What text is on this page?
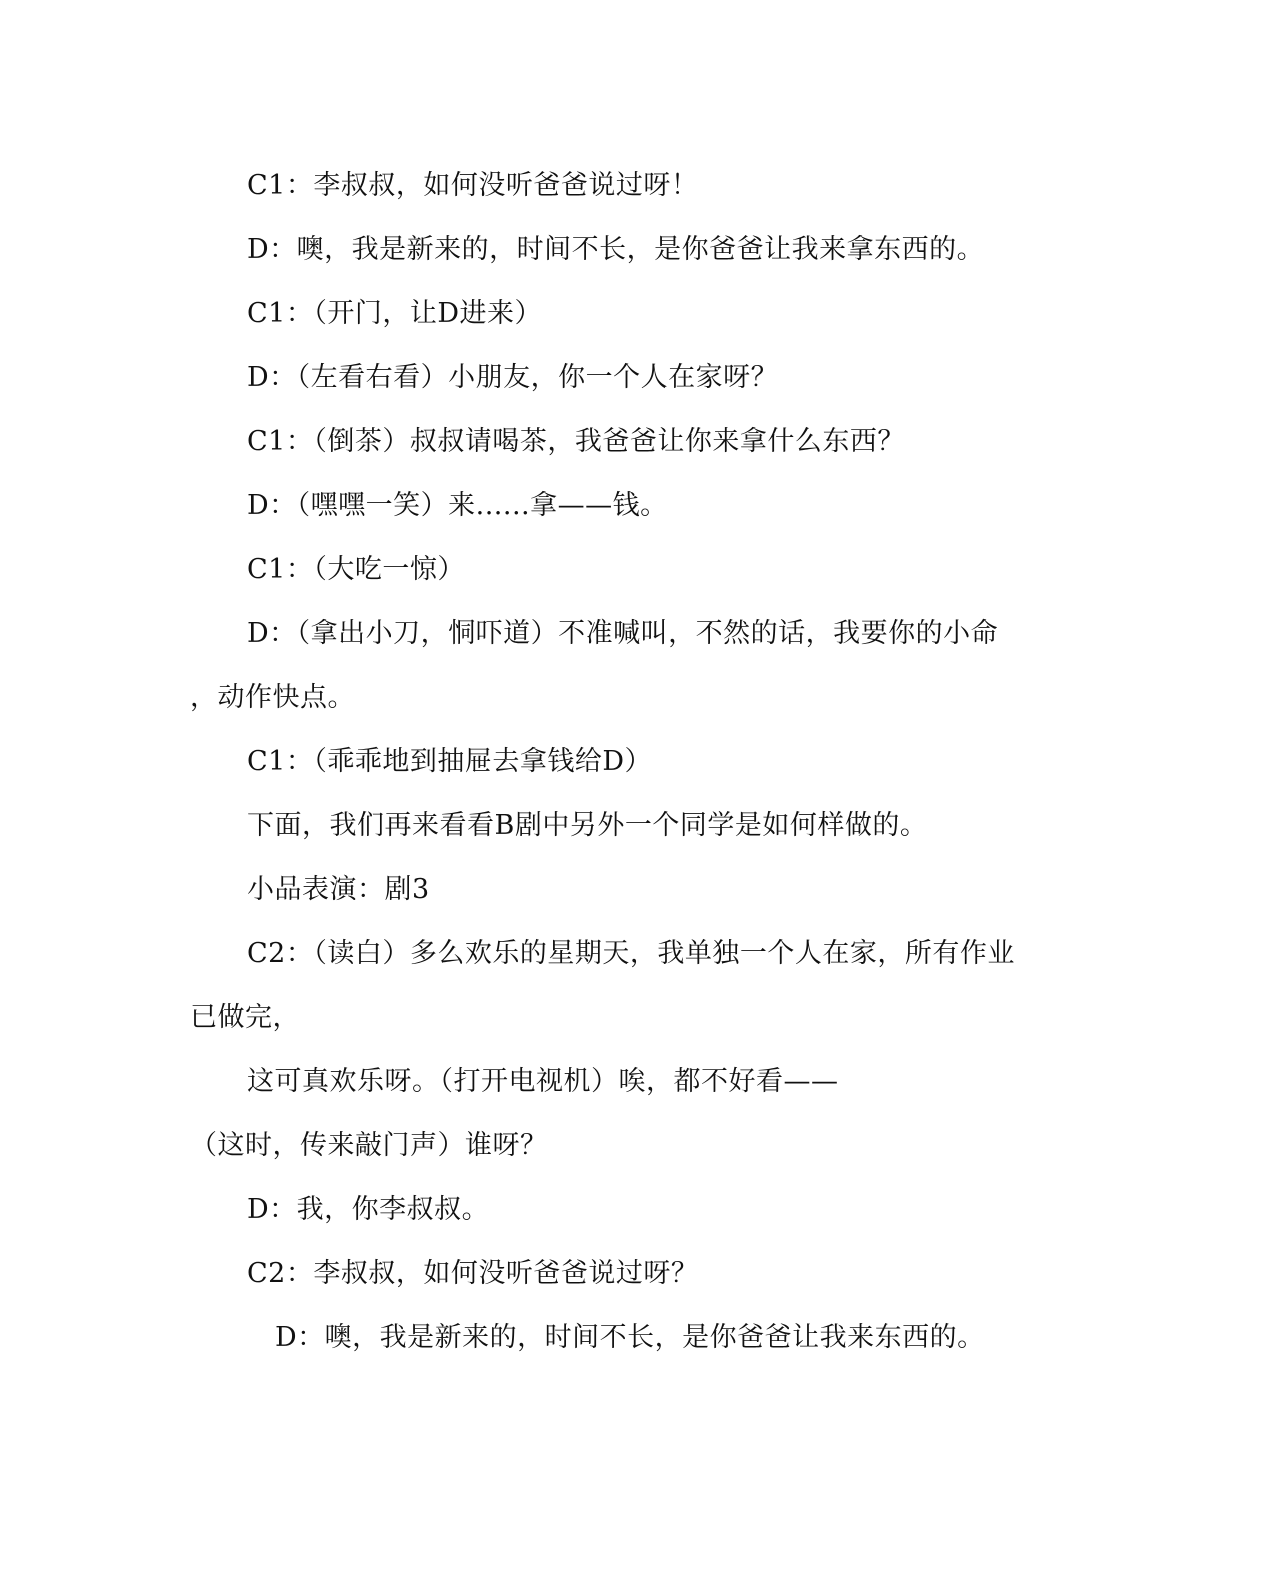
C1：李叔叔，如何没听爸爸说过呀！
D：噢，我是新来的，时间不长，是你爸爸让我来拿东西的。
C1：（开门，让D进来）
D：（左看右看）小朋友，你一个人在家呀？
C1：（倒茶）叔叔请喝茶，我爸爸让你来拿什么东西？
D：（嘿嘿一笑）来......拿——钱。
C1：（大吃一惊）
D：（拿出小刀，恫吓道）不准喊叫，不然的话，我要你的小命
，动作快点。
C1：（乖乖地到抽屉去拿钱给D）
下面，我们再来看看B剧中另外一个同学是如何样做的。
小品表演：剧3
C2：（读白）多么欢乐的星期天，我单独一个人在家，所有作业
已做完，
这可真欢乐呀。（打开电视机）唉，都不好看——
（这时，传来敲门声）谁呀？
D：我，你李叔叔。
C2：李叔叔，如何没听爸爸说过呀？
D：噢，我是新来的，时间不长，是你爸爸让我来东西的。
